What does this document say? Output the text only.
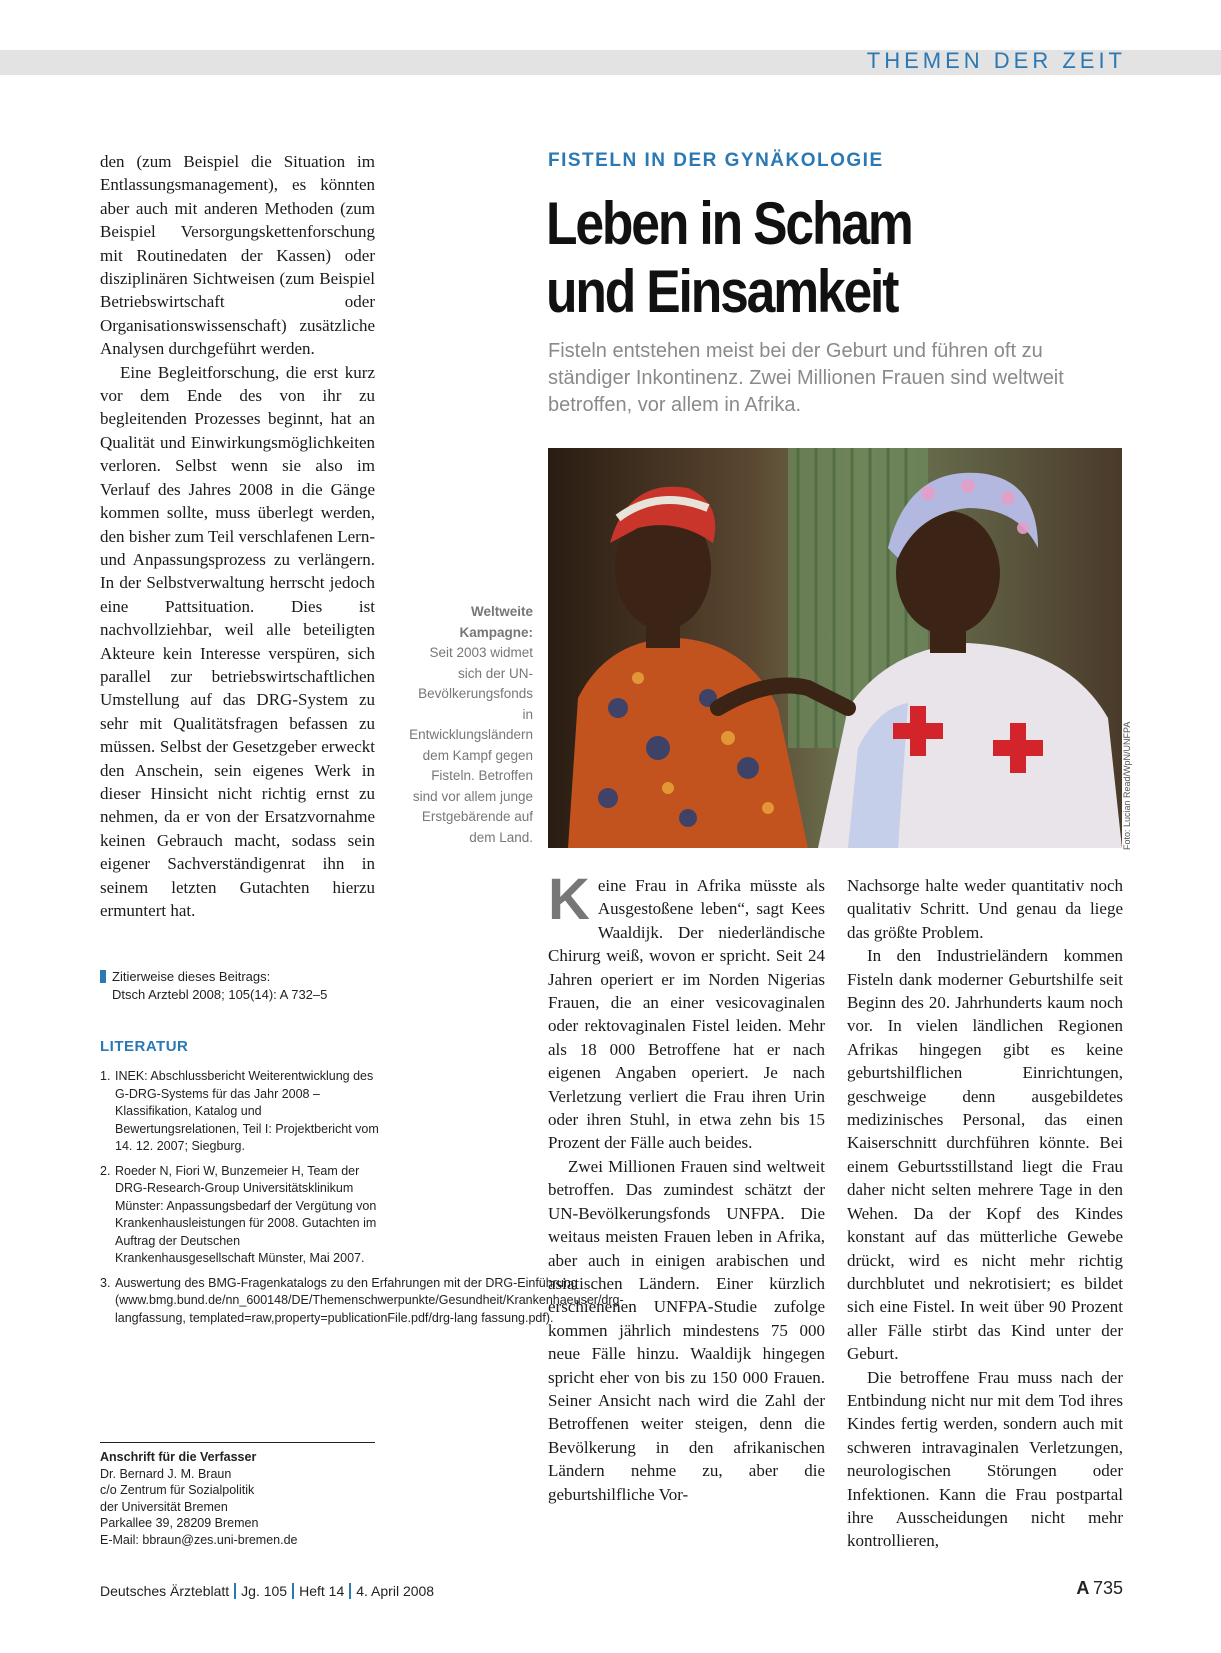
THEMEN DER ZEIT

den (zum Beispiel die Situation im Entlassungsmanagement), es könnten aber auch mit anderen Methoden (zum Beispiel Versorgungskettenforschung mit Routinedaten der Kassen) oder disziplinären Sichtweisen (zum Beispiel Betriebswirtschaft oder Organisationswissenschaft) zusätzliche Analysen durchgeführt werden.

Eine Begleitforschung, die erst kurz vor dem Ende des von ihr zu begleitenden Prozesses beginnt, hat an Qualität und Einwirkungsmöglichkeiten verloren. Selbst wenn sie also im Verlauf des Jahres 2008 in die Gänge kommen sollte, muss überlegt werden, den bisher zum Teil verschlafenen Lern- und Anpassungsprozess zu verlängern. In der Selbstverwaltung herrscht jedoch eine Pattsituation. Dies ist nachvollziehbar, weil alle beteiligten Akteure kein Interesse verspüren, sich parallel zur betriebswirtschaftlichen Umstellung auf das DRG-System zu sehr mit Qualitätsfragen befassen zu müssen. Selbst der Gesetzgeber erweckt den Anschein, sein eigenes Werk in dieser Hinsicht nicht richtig ernst zu nehmen, da er von der Ersatzvornahme keinen Gebrauch macht, sodass sein eigener Sachverständigenrat ihn in seinem letzten Gutachten hierzu ermuntert hat.

Zitierweise dieses Beitrags:
Dtsch Arztebl 2008; 105(14): A 732–5
LITERATUR
1. INEK: Abschlussbericht Weiterentwicklung des G-DRG-Systems für das Jahr 2008 – Klassifikation, Katalog und Bewertungsrelationen, Teil I: Projektbericht vom 14. 12. 2007; Siegburg.
2. Roeder N, Fiori W, Bunzemeier H, Team der DRG-Research-Group Universitätsklinikum Münster: Anpassungsbedarf der Vergütung von Krankenhausleistungen für 2008. Gutachten im Auftrag der Deutschen Krankenhausgesellschaft Münster, Mai 2007.
3. Auswertung des BMG-Fragenkatalogs zu den Erfahrungen mit der DRG-Einführung (www.bmg.bund.de/nn_600148/DE/Themenschwerpunkte/Gesundheit/Krankenhaeuser/drg-langfassung, templated=raw,property=publicationFile.pdf/drg-lang fassung.pdf).
Anschrift für die Verfasser
Dr. Bernard J. M. Braun
c/o Zentrum für Sozialpolitik
der Universität Bremen
Parkallee 39, 28209 Bremen
E-Mail: bbraun@zes.uni-bremen.de
FISTELN IN DER GYNÄKOLOGIE
Leben in Scham
und Einsamkeit
Fisteln entstehen meist bei der Geburt und führen oft zu ständiger Inkontinenz. Zwei Millionen Frauen sind weltweit betroffen, vor allem in Afrika.
Foto: Lucian Read/WpN/UNFPA
Weltweite Kampagne:
Seit 2003 widmet sich der UN-Bevölkerungsfonds in Entwicklungsländern dem Kampf gegen Fisteln. Betroffen sind vor allem junge Erstgebärende auf dem Land.

Keine Frau in Afrika müsste als Ausgestoßene leben“, sagt Kees Waaldijk. Der niederländische Chirurg weiß, wovon er spricht. Seit 24 Jahren operiert er im Norden Nigerias Frauen, die an einer vesicovaginalen oder rektovaginalen Fistel leiden. Mehr als 18 000 Betroffene hat er nach eigenen Angaben operiert. Je nach Verletzung verliert die Frau ihren Urin oder ihren Stuhl, in etwa zehn bis 15 Prozent der Fälle auch beides.

Zwei Millionen Frauen sind weltweit betroffen. Das zumindest schätzt der UN-Bevölkerungsfonds UNFPA. Die weitaus meisten Frauen leben in Afrika, aber auch in einigen arabischen und asiatischen Ländern. Einer kürzlich erschienenen UNFPA-Studie zufolge kommen jährlich mindestens 75 000 neue Fälle hinzu. Waaldijk hingegen spricht eher von bis zu 150 000 Frauen. Seiner Ansicht nach wird die Zahl der Betroffenen weiter steigen, denn die Bevölkerung in den afrikanischen Ländern nehme zu, aber die geburtshilfliche Vor-

Nachsorge halte weder quantitativ noch qualitativ Schritt. Und genau da liege das größte Problem.

In den Industrieländern kommen Fisteln dank moderner Geburtshilfe seit Beginn des 20. Jahrhunderts kaum noch vor. In vielen ländlichen Regionen Afrikas hingegen gibt es keine geburtshilflichen Einrichtungen, geschweige denn ausgebildetes medizinisches Personal, das einen Kaiserschnitt durchführen könnte. Bei einem Geburtsstillstand liegt die Frau daher nicht selten mehrere Tage in den Wehen. Da der Kopf des Kindes konstant auf das mütterliche Gewebe drückt, wird es nicht mehr richtig durchblutet und nekrotisiert; es bildet sich eine Fistel. In weit über 90 Prozent aller Fälle stirbt das Kind unter der Geburt.

Die betroffene Frau muss nach der Entbindung nicht nur mit dem Tod ihres Kindes fertig werden, sondern auch mit schweren intravaginalen Verletzungen, neurologischen Störungen oder Infektionen. Kann die Frau postpartal ihre Ausscheidungen nicht mehr kontrollieren,

Deutsches Ärzteblatt Jg. 105 Heft 14 4. April 2008	A  735
